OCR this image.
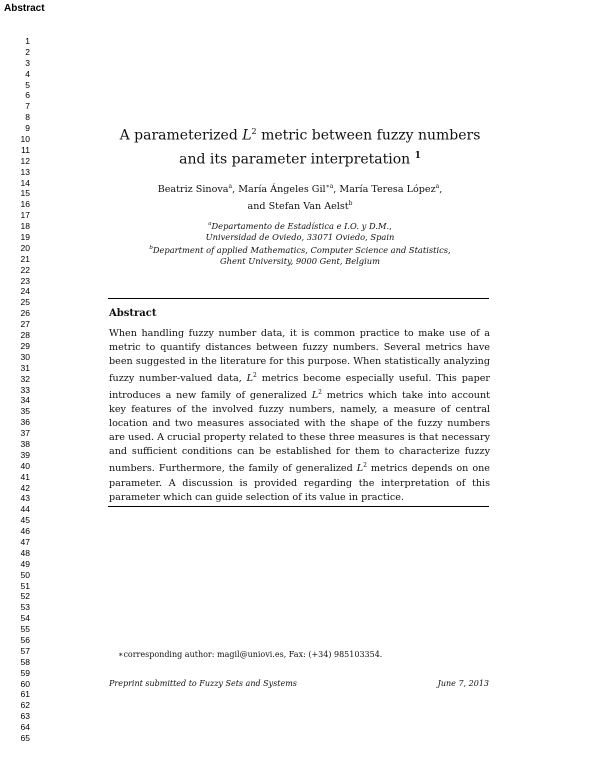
Abstract
1
2
3
4
5
6
7
8
9
10
11
12
13
14
15
16
17
18
19
20
21
22
23
24
25
26
27
28
29
30
31
32
33
34
35
36
37
38
39
40
41
42
43
44
45
46
47
48
49
50
51
52
53
54
55
56
57
58
59
60
61
62
63
64
65
A parameterized $L^2$ metric between fuzzy numbers
and its parameter interpretation $^1$
Beatriz Sinova$^a$, María Ángeles Gil$^{∗a}$, María Teresa López$^a$,
and Stefan Van Aelst$^b$
$^a$Departamento de Estadística e I.O. y D.M.,
Universidad de Oviedo, 33071 Oviedo, Spain
$^b$Department of applied Mathematics, Computer Science and Statistics,
Ghent University, 9000 Gent, Belgium
Abstract
When handling fuzzy number data, it is common practice to make use of a metric to quantify distances between fuzzy numbers. Several metrics have been suggested in the literature for this purpose. When statistically analyzing fuzzy number-valued data, $L^2$ metrics become especially useful. This paper introduces a new family of generalized $L^2$ metrics which take into account key features of the involved fuzzy numbers, namely, a measure of central location and two measures associated with the shape of the fuzzy numbers are used. A crucial property related to these three measures is that necessary and sufficient conditions can be established for them to characterize fuzzy numbers. Furthermore, the family of generalized $L^2$ metrics depends on one parameter. A discussion is provided regarding the interpretation of this parameter which can guide selection of its value in practice.
∗corresponding author: magil@uniovi.es, Fax: (+34) 985103354.
Preprint submitted to Fuzzy Sets and Systems	June 7, 2013
